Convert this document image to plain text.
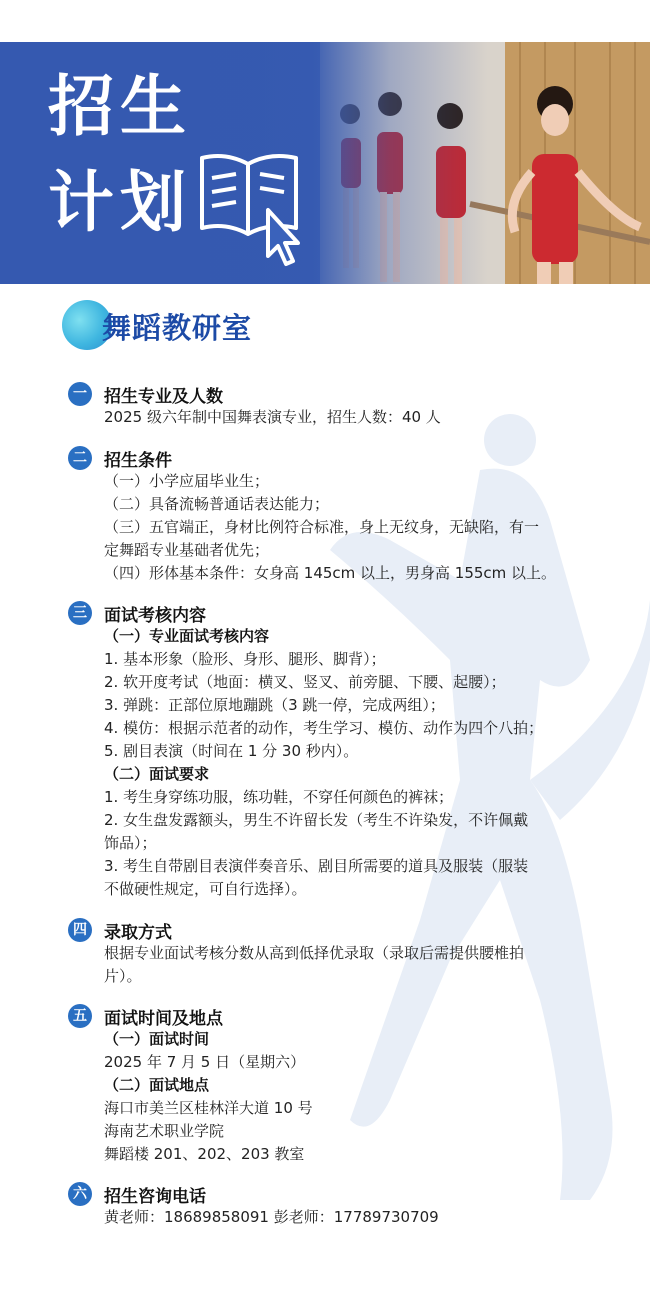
招生
计划
舞蹈教研室
一 招生专业及人数
2025 级六年制中国舞表演专业，招生人数：40 人
二 招生条件
（一）小学应届毕业生；
（二）具备流畅普通话表达能力；
（三）五官端正，身材比例符合标准，身上无纹身，无缺陷，有一
定舞蹈专业基础者优先；
（四）形体基本条件：女身高 145cm 以上，男身高 155cm 以上。
三 面试考核内容
（一）专业面试考核内容
1. 基本形象（脸形、身形、腿形、脚背）；
2. 软开度考试（地面：横叉、竖叉、前旁腿、下腰、起腰）；
3. 弹跳：正部位原地蹦跳（3 跳一停，完成两组）；
4. 模仿：根据示范者的动作，考生学习、模仿、动作为四个八拍；
5. 剧目表演（时间在 1 分 30 秒内）。
（二）面试要求
1. 考生身穿练功服，练功鞋，不穿任何颜色的裤袜；
2. 女生盘发露额头，男生不许留长发（考生不许染发，不许佩戴
饰品）；
3. 考生自带剧目表演伴奏音乐、剧目所需要的道具及服装（服装
不做硬性规定，可自行选择）。
四 录取方式
根据专业面试考核分数从高到低择优录取（录取后需提供腰椎拍
片）。
五 面试时间及地点
（一）面试时间
2025 年 7 月 5 日（星期六）
（二）面试地点
海口市美兰区桂林洋大道 10 号
海南艺术职业学院
舞蹈楼 201、202、203 教室
六 招生咨询电话
黄老师：18689858091 彭老师：17789730709
